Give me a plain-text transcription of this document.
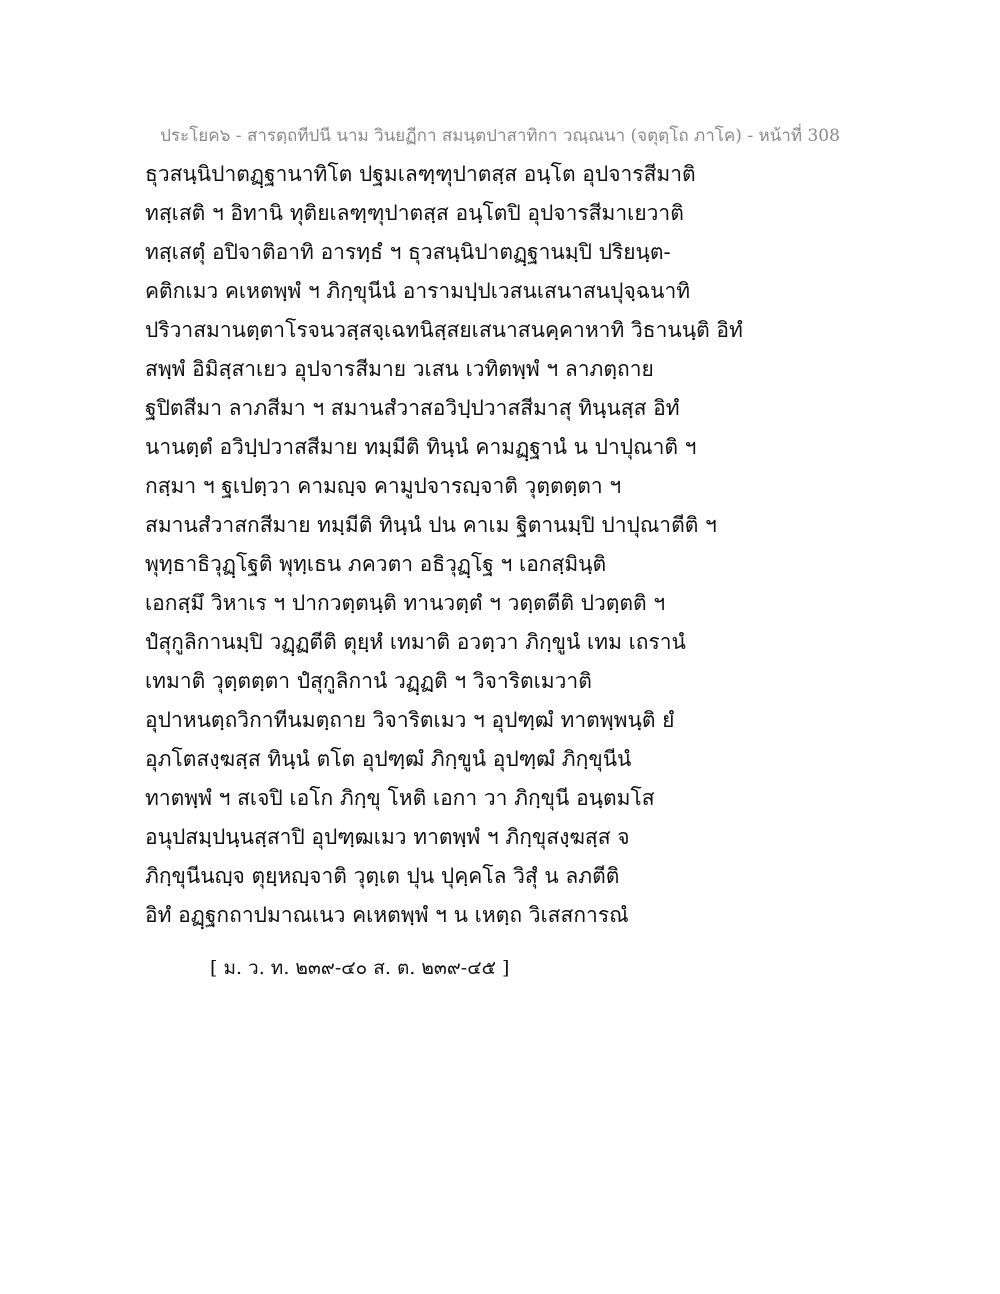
ประโยค๖ - สารตฺถทีปนี นาม วินยฏีกา สมนฺตปาสาทิกา วณฺณนา (จตุตฺโถ ภาโค) - หน้าที่ 308
ธุวสนฺนิปาตฏฺฐานาทิโต ปฐมเลฑฺฑุปาตสฺส อนฺโต อุปจารสีมาติ
ทสฺเสติ ฯ อิทานิ ทุติยเลฑฺฑุปาตสฺส อนฺโตปิ อุปจารสีมาเยวาติ
ทสฺเสตุํ อปิจาติอาทิ อารทฺธํ ฯ ธุวสนฺนิปาตฏฺฐานมฺปิ ปริยนฺต-
คติกเมว คเหตพฺพํ ฯ ภิกฺขุนีนํ อารามปฺปเวสนเสนาสนปุจฺฉนาทิ
ปริวาสมานตฺตาโรจนวสฺสจฺเฉทนิสฺสยเสนาสนคฺคาหาทิ วิธานนฺติ อิทํ
สพฺพํ อิมิสฺสาเยว อุปจารสีมาย วเสน เวทิตพฺพํ ฯ ลาภตฺถาย
ฐปิตสีมา ลาภสีมา ฯ สมานสํวาสอวิปฺปวาสสีมาสุ ทินฺนสฺส อิทํ
นานตฺตํ อวิปฺปวาสสีมาย ทมฺมีติ ทินฺนํ คามฏฺฐานํ น ปาปุณาติ ฯ
กสฺมา ฯ ฐเปตฺวา คามญฺจ คามูปจารญฺจาติ วุตฺตตฺตา ฯ
สมานสํวาสกสีมาย ทมฺมีติ ทินฺนํ ปน คาเม ฐิตานมฺปิ ปาปุณาตีติ ฯ
พุทฺธาธิวุฏฺโฐติ พุทฺเธน ภควตา อธิวุฏฺโฐ ฯ เอกสฺมินฺติ
เอกสฺมึ วิหาเร ฯ ปากวตฺตนฺติ ทานวตฺตํ ฯ วตฺตตีติ ปวตฺตติ ฯ
ปํสุกูลิกานมฺปิ วฏฺฏตีติ ตุยฺหํ เทมาติ อวตฺวา ภิกฺขูนํ เทม เถรานํ
เทมาติ วุตฺตตฺตา ปํสุกูลิกานํ วฏฺฏติ ฯ วิจาริตเมวาติ
อุปาหนตฺถวิกาทีนมตฺถาย วิจาริตเมว ฯ อุปฑฺฒํ ทาตพฺพนฺติ ยํ
อุภโตสงฺฆสฺส ทินฺนํ ตโต อุปฑฺฒํ ภิกฺขูนํ อุปฑฺฒํ ภิกฺขุนีนํ
ทาตพฺพํ ฯ สเจปิ เอโก ภิกฺขุ โหติ เอกา วา ภิกฺขุนี อนฺตมโส
อนุปสมฺปนฺนสฺสาปิ อุปฑฺฒเมว ทาตพฺพํ ฯ ภิกฺขุสงฺฆสฺส จ
ภิกฺขุนีนญฺจ ตุยฺหญฺจาติ วุตฺเต ปุน ปุคฺคโล วิสุํ น ลภตีติ
อิทํ อฏฺฐกถาปมาณเนว คเหตพฺพํ ฯ น เหตฺถ วิเสสการณํ
[ ม. ว. ท. ๒๓๙-๔๐ ส. ต. ๒๓๙-๔๕ ]
